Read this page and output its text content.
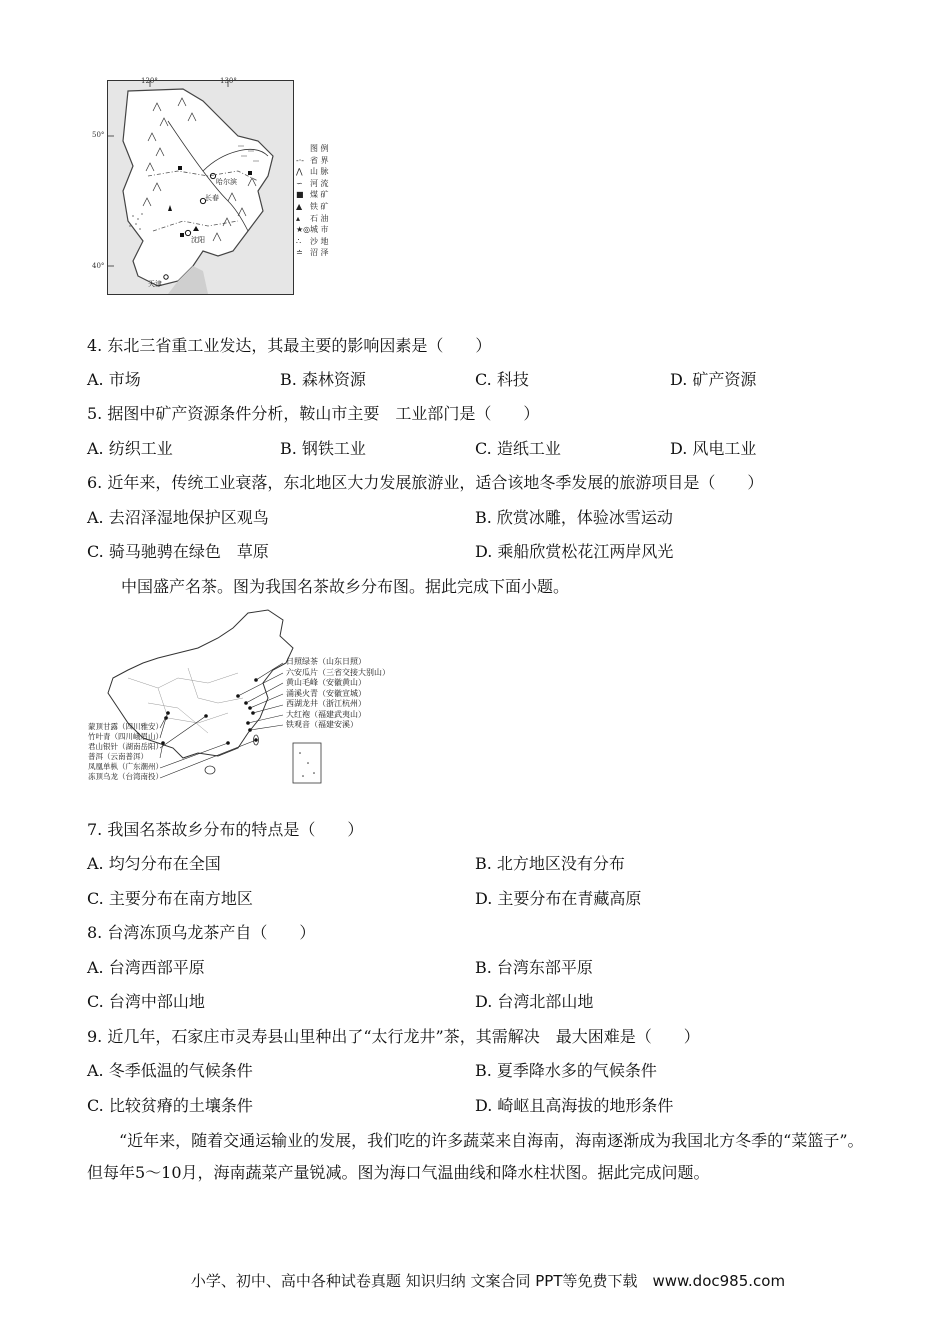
120°	130°
50°
40°
哈尔滨
长春
沈阳
天津
图 例
-·- 省 界
⋀ 山 脉
∽ 河 流
■ 煤 矿
▲ 铁 矿
▴ 石 油
★◎城 市
∴ 沙 地
≐ 沼 泽
4. 东北三省重工业发达，其最主要的影响因素是（　　）
A. 市场	B. 森林资源	C. 科技	D. 矿产资源
5. 据图中矿产资源条件分析，鞍山市主要　工业部门是（　　）
A. 纺织工业	B. 钢铁工业	C. 造纸工业	D. 风电工业
6. 近年来，传统工业衰落，东北地区大力发展旅游业，适合该地冬季发展的旅游项目是（　　）
A. 去沼泽湿地保护区观鸟	B. 欣赏冰雕，体验冰雪运动
C. 骑马驰骋在绿色　草原	D. 乘船欣赏松花江两岸风光
中国盛产名茶。图为我国名茶故乡分布图。据此完成下面小题。
日照绿茶（山东日照）
六安瓜片（三省交接大别山）
黄山毛峰（安徽黄山）
涌溪火青（安徽宣城）
西湖龙井（浙江杭州）
大红袍（福建武夷山）
铁观音（福建安溪）
蒙顶甘露（四川雅安）
竹叶青（四川峨眉山）
君山银针（湖南岳阳）
普洱（云南普洱）
凤凰单枞（广东潮州）
冻顶乌龙（台湾南投）
7. 我国名茶故乡分布的特点是（　　）
A. 均匀分布在全国	B. 北方地区没有分布
C. 主要分布在南方地区	D. 主要分布在青藏高原
8. 台湾冻顶乌龙茶产自（　　）
A. 台湾西部平原	B. 台湾东部平原
C. 台湾中部山地	D. 台湾北部山地
9. 近几年，石家庄市灵寿县山里种出了“太行龙井”茶，其需解决　最大困难是（　　）
A. 冬季低温的气候条件	B. 夏季降水多的气候条件
C. 比较贫瘠的土壤条件	D. 崎岖且高海拔的地形条件
“近年来，随着交通运输业的发展，我们吃的许多蔬菜来自海南，海南逐渐成为我国北方冬季的“菜篮子”。但每年5～10月，海南蔬菜产量锐减。图为海口气温曲线和降水柱状图。据此完成问题。
小学、初中、高中各种试卷真题 知识归纳 文案合同 PPT等免费下载　www.doc985.com
